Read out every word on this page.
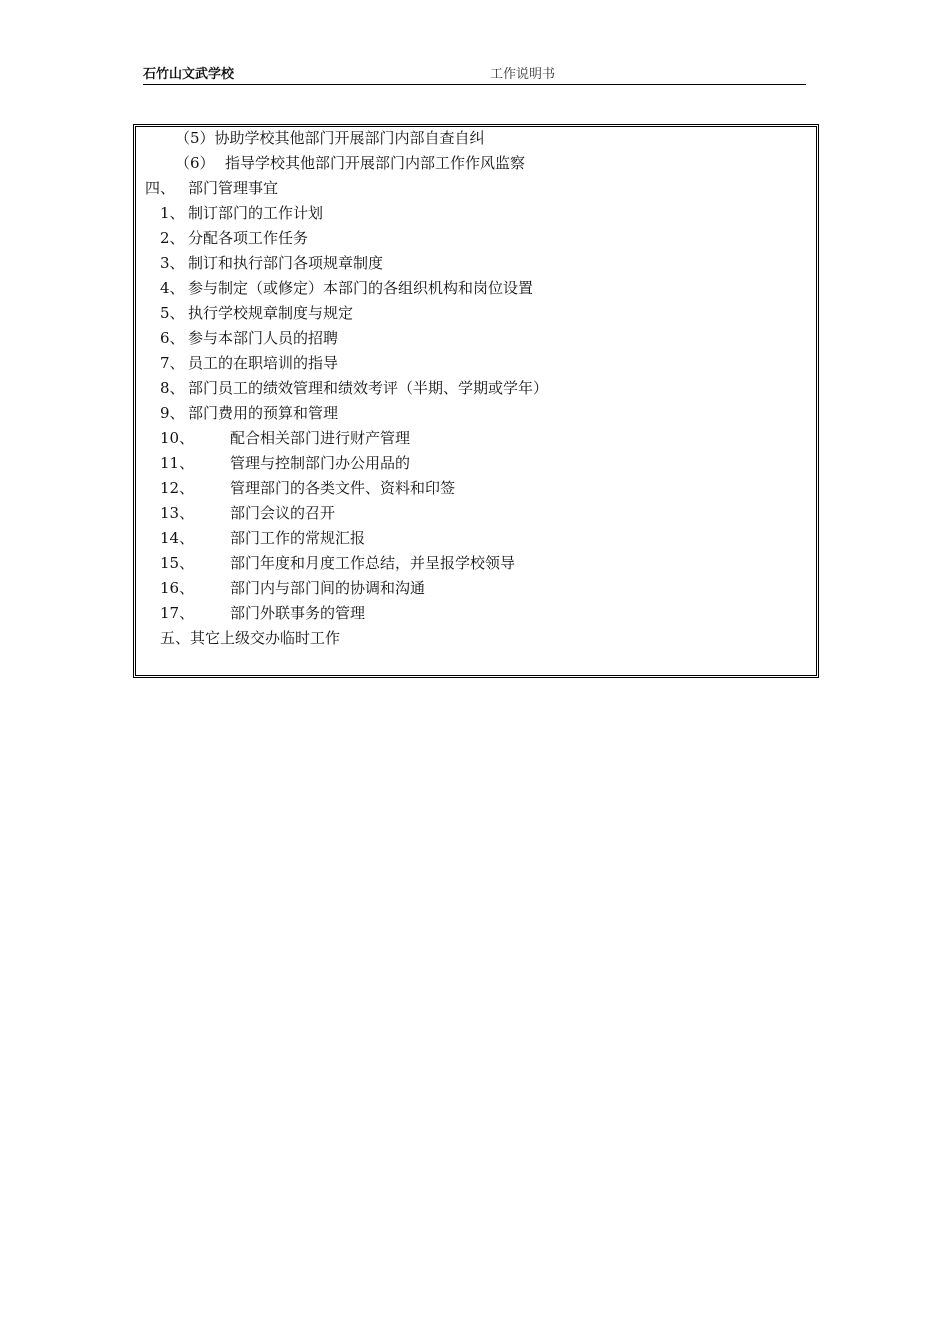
石竹山文武学校	工作说明书
（5）协助学校其他部门开展部门内部自查自纠
（6） 指导学校其他部门开展部门内部工作作风监察
四、 部门管理事宜
1、 制订部门的工作计划
2、 分配各项工作任务
3、 制订和执行部门各项规章制度
4、 参与制定（或修定）本部门的各组织机构和岗位设置
5、 执行学校规章制度与规定
6、 参与本部门人员的招聘
7、 员工的在职培训的指导
8、 部门员工的绩效管理和绩效考评（半期、学期或学年）
9、 部门费用的预算和管理
10、 配合相关部门进行财产管理
11、 管理与控制部门办公用品的
12、 管理部门的各类文件、资料和印签
13、 部门会议的召开
14、 部门工作的常规汇报
15、 部门年度和月度工作总结，并呈报学校领导
16、 部门内与部门间的协调和沟通
17、 部门外联事务的管理
五、其它上级交办临时工作
